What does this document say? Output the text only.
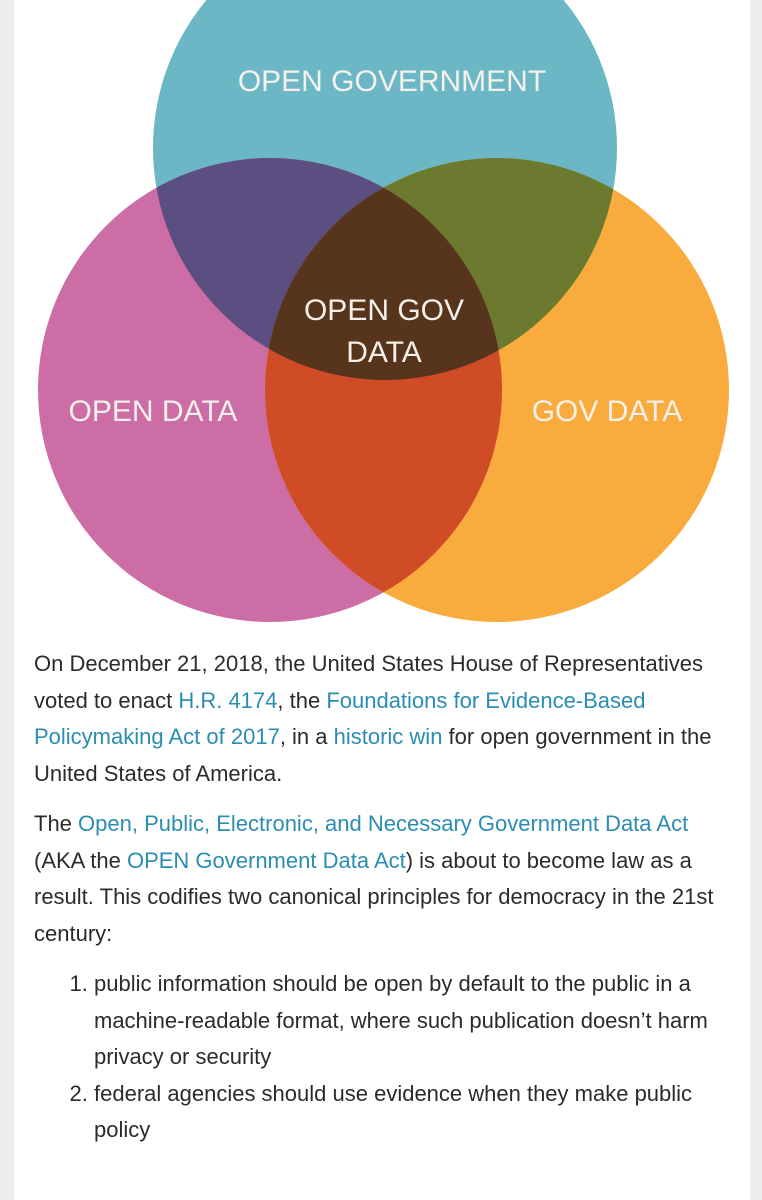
OPEN GOVERNMENT
OPEN DATA	GOV DATA
OPEN GOV
DATA

On December 21, 2018, the United States House of Representatives voted to enact H.R. 4174, the Foundations for Evidence-Based Policymaking Act of 2017, in a historic win for open government in the United States of America.

The Open, Public, Electronic, and Necessary Government Data Act (AKA the OPEN Government Data Act) is about to become law as a result. This codifies two canonical principles for democracy in the 21st century:

1. public information should be open by default to the public in a machine-readable format, where such publication doesn’t harm privacy or security
2. federal agencies should use evidence when they make public policy
